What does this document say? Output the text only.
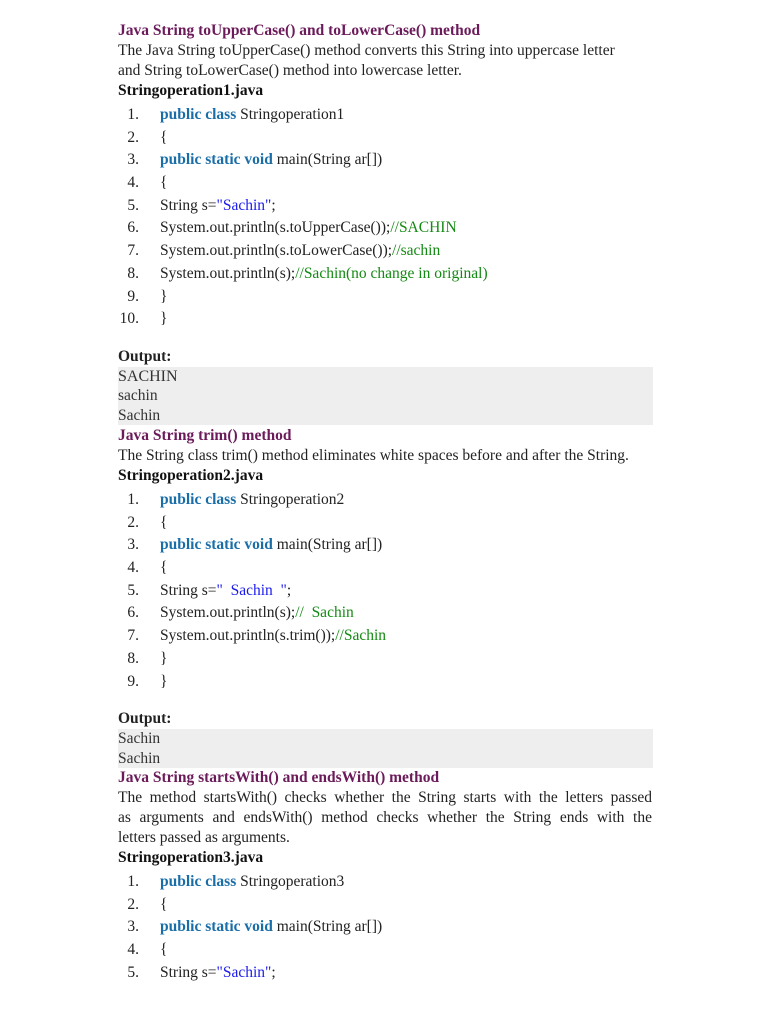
Java String toUpperCase() and toLowerCase() method
The Java String toUpperCase() method converts this String into uppercase letter
and String toLowerCase() method into lowercase letter.
Stringoperation1.java
1. public class Stringoperation1
2. {
3. public static void main(String ar[])
4. {
5. String s="Sachin";
6. System.out.println(s.toUpperCase());//SACHIN
7. System.out.println(s.toLowerCase());//sachin
8. System.out.println(s);//Sachin(no change in original)
9. }
10. }
Output:
SACHIN
sachin
Sachin
Java String trim() method
The String class trim() method eliminates white spaces before and after the String.
Stringoperation2.java
1. public class Stringoperation2
2. {
3. public static void main(String ar[])
4. {
5. String s="  Sachin  ";
6. System.out.println(s);//  Sachin
7. System.out.println(s.trim());//Sachin
8. }
9. }
Output:
Sachin
Sachin
Java String startsWith() and endsWith() method
The method startsWith() checks whether the String starts with the letters passed
as arguments and endsWith() method checks whether the String ends with the
letters passed as arguments.
Stringoperation3.java
1. public class Stringoperation3
2. {
3. public static void main(String ar[])
4. {
5. String s="Sachin";
